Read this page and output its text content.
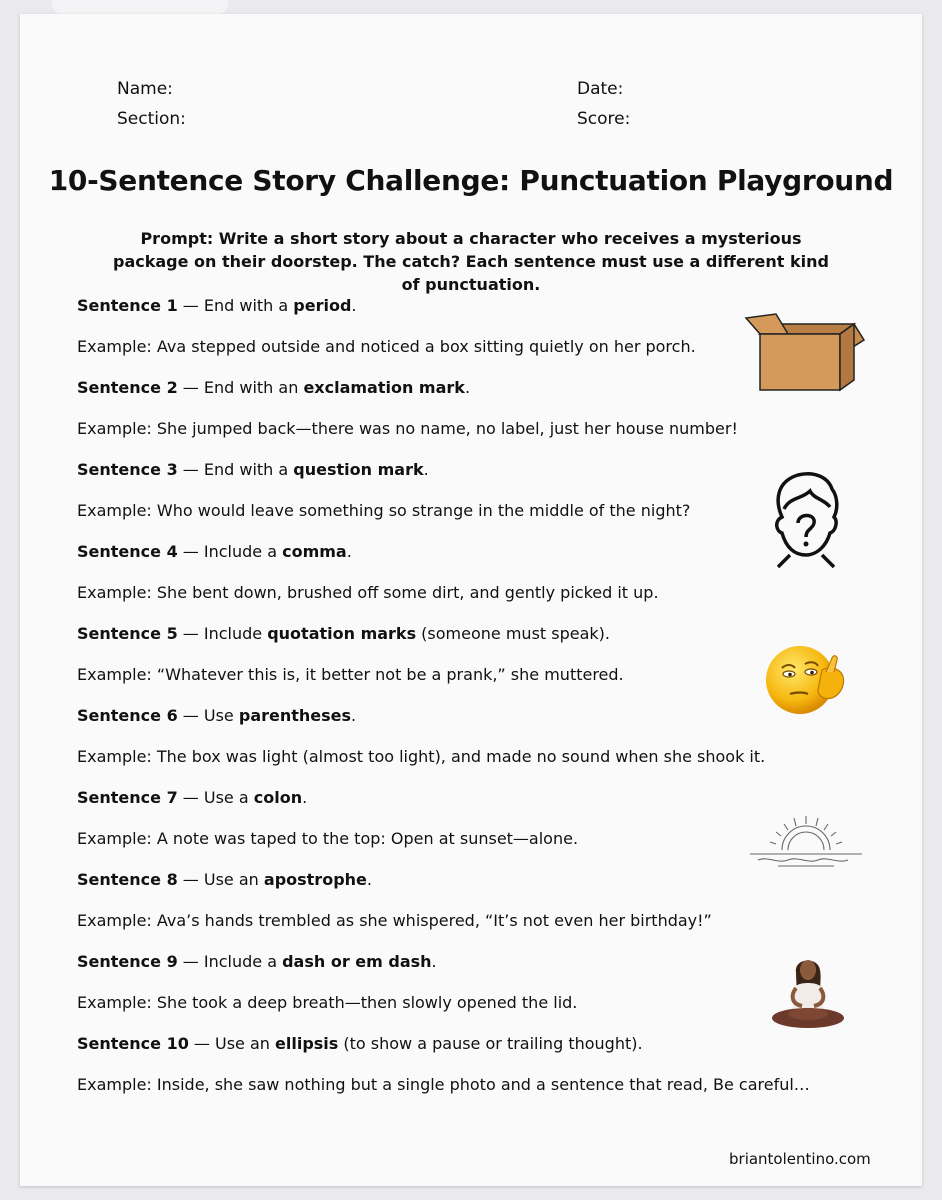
Name:	Date:
Section:	Score:
10-Sentence Story Challenge: Punctuation Playground
Prompt: Write a short story about a character who receives a mysterious package on their doorstep. The catch? Each sentence must use a different kind of punctuation.
Sentence 1 — End with a period.
Example: Ava stepped outside and noticed a box sitting quietly on her porch.
Sentence 2 — End with an exclamation mark.
Example: She jumped back—there was no name, no label, just her house number!
Sentence 3 — End with a question mark.
Example: Who would leave something so strange in the middle of the night?
Sentence 4 — Include a comma.
Example: She bent down, brushed off some dirt, and gently picked it up.
Sentence 5 — Include quotation marks (someone must speak).
Example: “Whatever this is, it better not be a prank,” she muttered.
Sentence 6 — Use parentheses.
Example: The box was light (almost too light), and made no sound when she shook it.
Sentence 7 — Use a colon.
Example: A note was taped to the top: Open at sunset—alone.
Sentence 8 — Use an apostrophe.
Example: Ava’s hands trembled as she whispered, “It’s not even her birthday!”
Sentence 9 — Include a dash or em dash.
Example: She took a deep breath—then slowly opened the lid.
Sentence 10 — Use an ellipsis (to show a pause or trailing thought).
Example: Inside, she saw nothing but a single photo and a sentence that read, Be careful…
briantolentino.com
